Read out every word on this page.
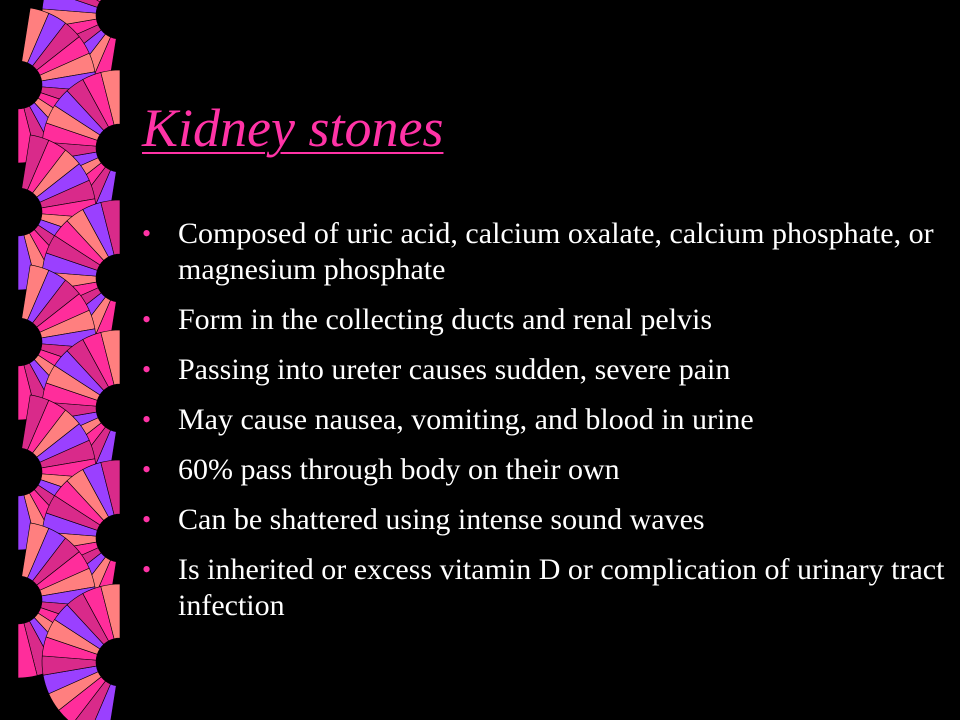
Kidney stones
• Composed of uric acid, calcium oxalate, calcium phosphate, or magnesium phosphate
• Form in the collecting ducts and renal pelvis
• Passing into ureter causes sudden, severe pain
• May cause nausea, vomiting, and blood in urine
• 60% pass through body on their own
• Can be shattered using intense sound waves
• Is inherited or excess vitamin D or complication of urinary tract infection
